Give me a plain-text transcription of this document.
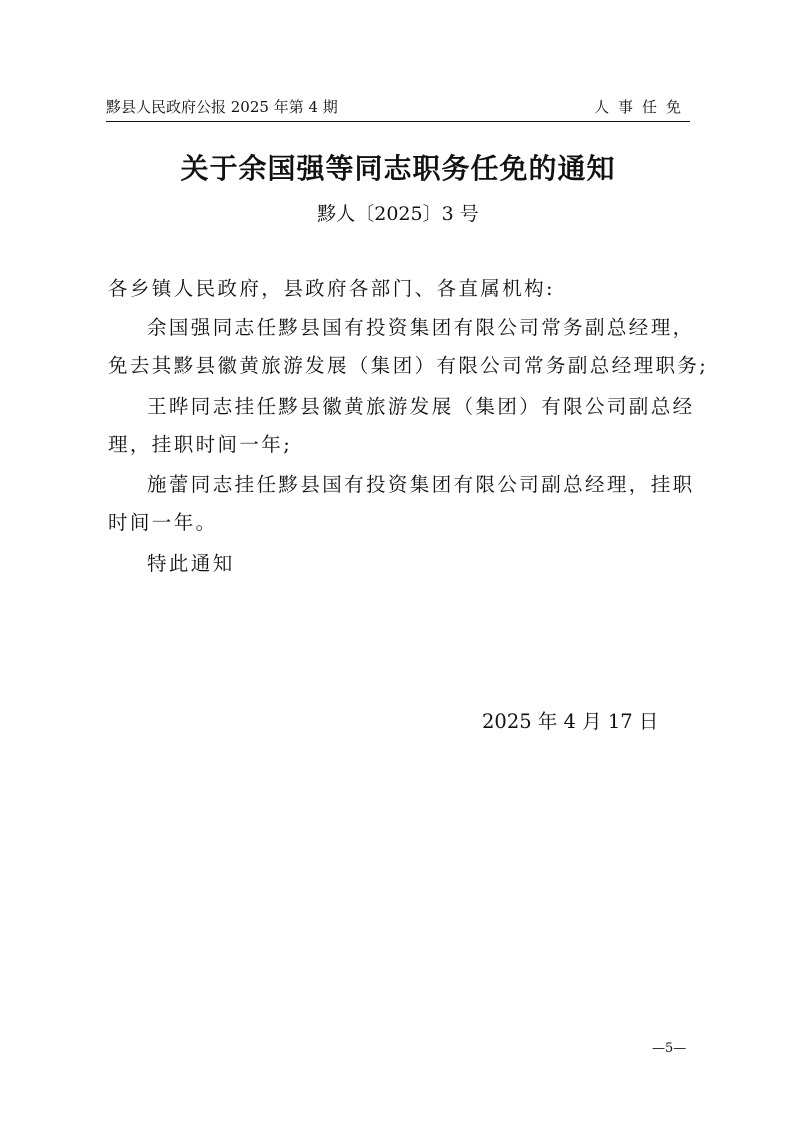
黟县人民政府公报 2025 年第 4 期	人事任免
关于余国强等同志职务任免的通知
黟人〔2025〕3 号
各乡镇人民政府，县政府各部门、各直属机构:
余国强同志任黟县国有投资集团有限公司常务副总经理，
免去其黟县徽黄旅游发展（集团）有限公司常务副总经理职务;
王晔同志挂任黟县徽黄旅游发展（集团）有限公司副总经
理，挂职时间一年;
施蕾同志挂任黟县国有投资集团有限公司副总经理，挂职
时间一年。
特此通知
2025 年 4 月 17 日
—5—
